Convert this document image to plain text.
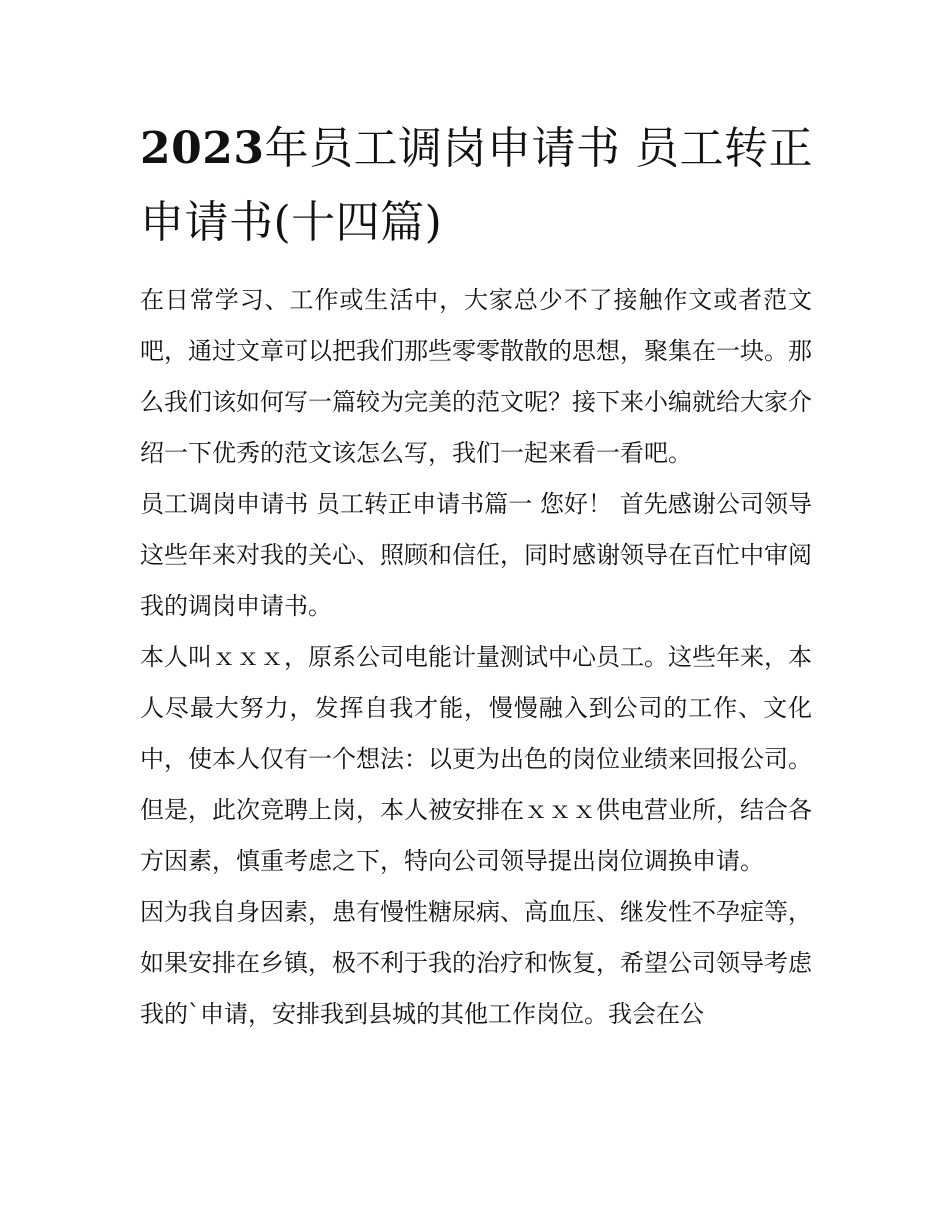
2023年员工调岗申请书 员工转正申请书(十四篇)

在日常学习、工作或生活中，大家总少不了接触作文或者范文吧，通过文章可以把我们那些零零散散的思想，聚集在一块。那么我们该如何写一篇较为完美的范文呢？接下来小编就给大家介绍一下优秀的范文该怎么写，我们一起来看一看吧。

员工调岗申请书 员工转正申请书篇一 您好！ 首先感谢公司领导这些年来对我的关心、照顾和信任，同时感谢领导在百忙中审阅我的调岗申请书。

本人叫ｘｘｘ，原系公司电能计量测试中心员工。这些年来，本人尽最大努力，发挥自我才能，慢慢融入到公司的工作、文化中，使本人仅有一个想法：以更为出色的岗位业绩来回报公司。但是，此次竞聘上岗，本人被安排在ｘｘｘ供电营业所，结合各方因素，慎重考虑之下，特向公司领导提出岗位调换申请。

因为我自身因素，患有慢性糖尿病、高血压、继发性不孕症等，如果安排在乡镇，极不利于我的治疗和恢复，希望公司领导考虑我的`申请，安排我到县城的其他工作岗位。我会在公
